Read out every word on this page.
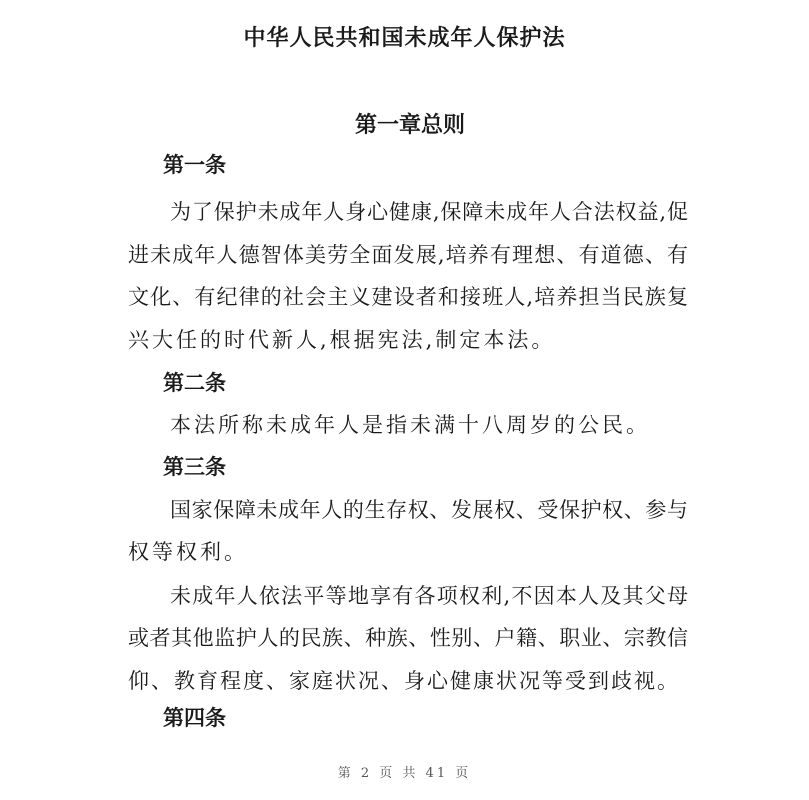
中华人民共和国未成年人保护法
第一章总则
第一条
为了保护未成年人身心健康,保障未成年人合法权益,促
进未成年人德智体美劳全面发展,培养有理想、有道德、有
文化、有纪律的社会主义建设者和接班人,培养担当民族复
兴大任的时代新人,根据宪法,制定本法。
第二条
本法所称未成年人是指未满十八周岁的公民。
第三条
国家保障未成年人的生存权、发展权、受保护权、参与
权等权利。
未成年人依法平等地享有各项权利,不因本人及其父母
或者其他监护人的民族、种族、性别、户籍、职业、宗教信
仰、教育程度、家庭状况、身心健康状况等受到歧视。
第四条
第 2 页 共 41 页
